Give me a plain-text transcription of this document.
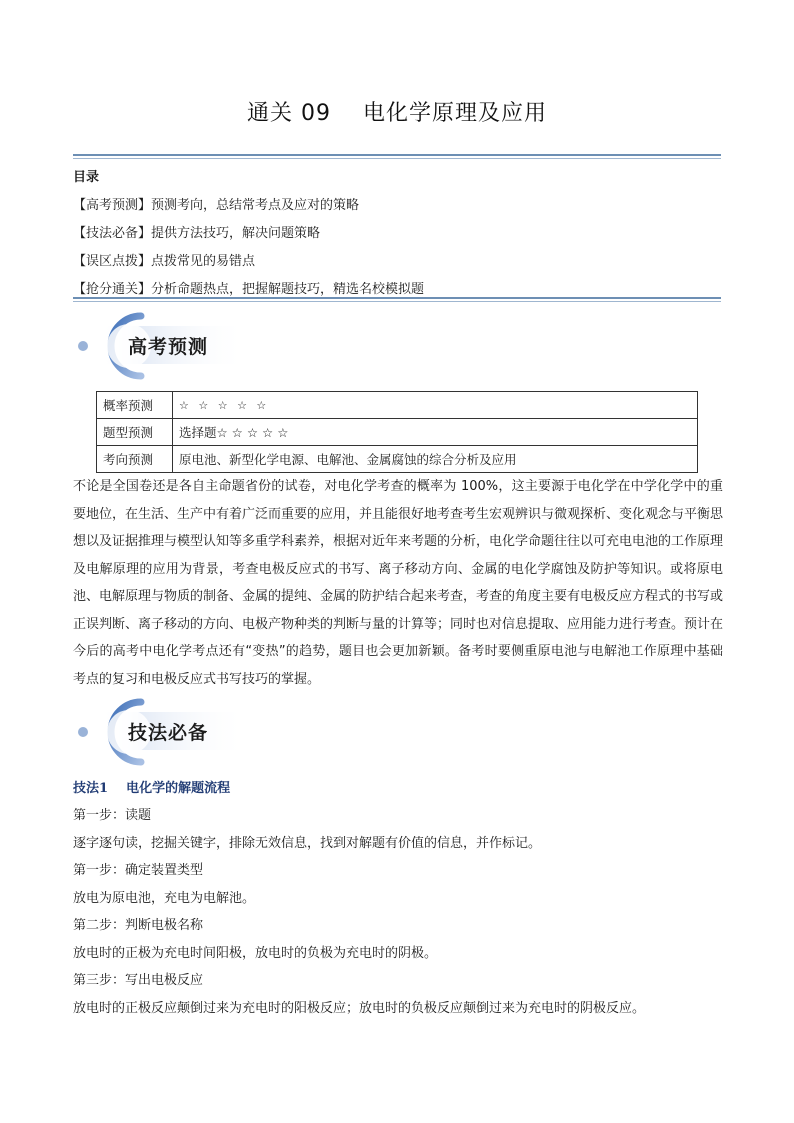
通关 09    电化学原理及应用
目录
【高考预测】预测考向，总结常考点及应对的策略
【技法必备】提供方法技巧，解决问题策略
【误区点拨】点拨常见的易错点
【抢分通关】分析命题热点，把握解题技巧，精选名校模拟题
高考预测
概率预测	☆ ☆ ☆ ☆ ☆
题型预测	选择题☆ ☆ ☆ ☆ ☆
考向预测	原电池、新型化学电源、电解池、金属腐蚀的综合分析及应用
不论是全国卷还是各自主命题省份的试卷，对电化学考查的概率为 100%，这主要源于电化学在中学化学中的重要地位，在生活、生产中有着广泛而重要的应用，并且能很好地考查考生宏观辨识与微观探析、变化观念与平衡思想以及证据推理与模型认知等多重学科素养，根据对近年来考题的分析，电化学命题往往以可充电电池的工作原理及电解原理的应用为背景，考查电极反应式的书写、离子移动方向、金属的电化学腐蚀及防护等知识。或将原电池、电解原理与物质的制备、金属的提纯、金属的防护结合起来考查，考查的角度主要有电极反应方程式的书写或正误判断、离子移动的方向、电极产物种类的判断与量的计算等；同时也对信息提取、应用能力进行考查。预计在今后的高考中电化学考点还有“变热”的趋势，题目也会更加新颖。备考时要侧重原电池与电解池工作原理中基础考点的复习和电极反应式书写技巧的掌握。
技法必备
技法1    电化学的解题流程
第一步：读题
逐字逐句读，挖掘关键字，排除无效信息，找到对解题有价值的信息，并作标记。
第一步：确定装置类型
放电为原电池，充电为电解池。
第二步：判断电极名称
放电时的正极为充电时间阳极，放电时的负极为充电时的阴极。
第三步：写出电极反应
放电时的正极反应颠倒过来为充电时的阳极反应；放电时的负极反应颠倒过来为充电时的阴极反应。
